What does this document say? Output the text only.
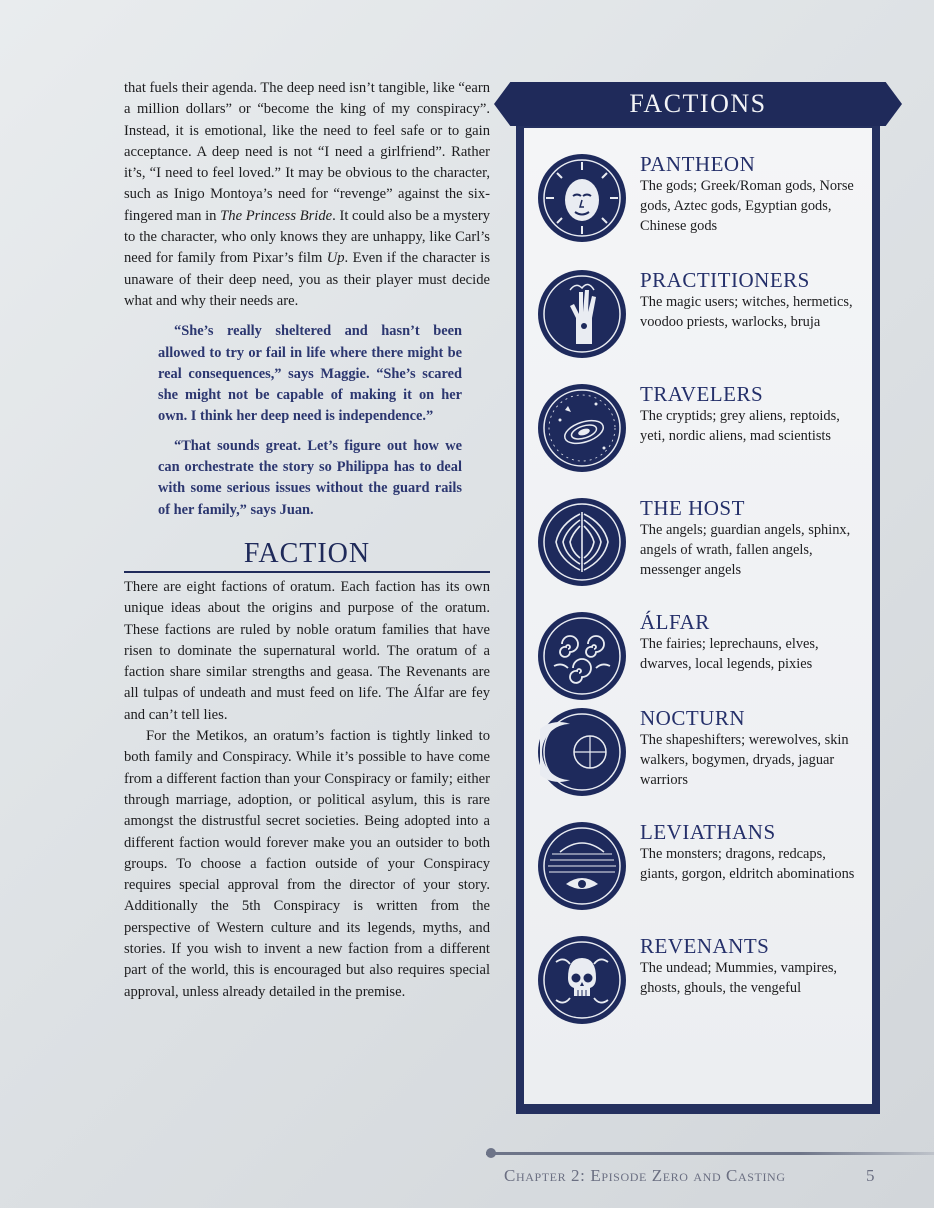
that fuels their agenda. The deep need isn’t tangible, like “earn a million dollars” or “become the king of my conspiracy”. Instead, it is emotional, like the need to feel safe or to gain acceptance. A deep need is not “I need a girlfriend”. Rather it’s, “I need to feel loved.” It may be obvious to the character, such as Inigo Montoya’s need for “revenge” against the six-fingered man in The Princess Bride. It could also be a mystery to the character, who only knows they are unhappy, like Carl’s need for family from Pixar’s film Up. Even if the character is unaware of their deep need, you as their player must decide what and why their needs are.

“She’s really sheltered and hasn’t been allowed to try or fail in life where there might be real consequences,” says Maggie. “She’s scared she might not be capable of making it on her own. I think her deep need is independence.”

“That sounds great. Let’s figure out how we can orchestrate the story so Philippa has to deal with some serious issues without the guard rails of her family,” says Juan.

FACTION

There are eight factions of oratum. Each faction has its own unique ideas about the origins and purpose of the oratum. These factions are ruled by noble oratum families that have risen to dominate the supernatural world. The oratum of a faction share similar strengths and geasa. The Revenants are all tulpas of undeath and must feed on life. The Álfar are fey and can’t tell lies.

For the Metikos, an oratum’s faction is tightly linked to both family and Conspiracy. While it’s possible to have come from a different faction than your Conspiracy or family; either through marriage, adoption, or political asylum, this is rare amongst the distrustful secret societies. Being adopted into a different faction would forever make you an outsider to both groups. To choose a faction outside of your Conspiracy requires special approval from the director of your story. Additionally the 5th Conspiracy is written from the perspective of Western culture and its legends, myths, and stories. If you wish to invent a new faction from a different part of the world, this is encouraged but also requires special approval, unless already detailed in the premise.

FACTIONS
PANTHEON
The gods; Greek/Roman gods, Norse gods, Aztec gods, Egyptian gods, Chinese gods
PRACTITIONERS
The magic users; witches, hermetics, voodoo priests, warlocks, bruja
TRAVELERS
The cryptids; grey aliens, reptoids, yeti, nordic aliens, mad scientists
THE HOST
The angels; guardian angels, sphinx, angels of wrath, fallen angels, messenger angels
ÁLFAR
The fairies; leprechauns, elves, dwarves, local legends, pixies
NOCTURN
The shapeshifters; werewolves, skin walkers, bogymen, dryads, jaguar warriors
LEVIATHANS
The monsters; dragons, redcaps, giants, gorgon, eldritch abominations
REVENANTS
The undead; Mummies, vampires, ghosts, ghouls, the vengeful
Chapter 2: Episode Zero and Casting	5
